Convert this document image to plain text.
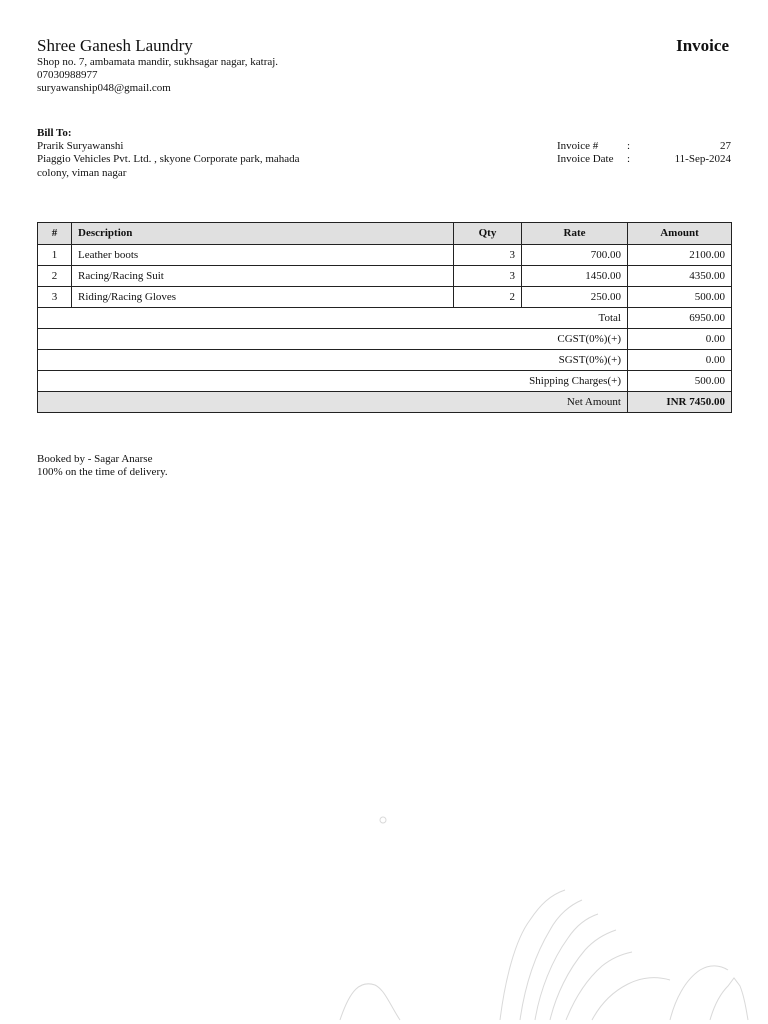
Shree Ganesh Laundry
Shop no. 7, ambamata mandir, sukhsagar nagar, katraj.
07030988977
suryawanship048@gmail.com
Invoice
Bill To:
Prarik Suryawanshi
Piaggio Vehicles Pvt. Ltd. , skyone Corporate park, mahada colony, viman nagar
Invoice #	:	27
Invoice Date :	11-Sep-2024
#	Description	Qty	Rate	Amount
1	Leather boots	3	700.00	2100.00
2	Racing/Racing Suit	3	1450.00	4350.00
3	Riding/Racing Gloves	2	250.00	500.00
Total				6950.00
CGST(0%)(+)				0.00
SGST(0%)(+)				0.00
Shipping Charges(+)				500.00
Net Amount				INR 7450.00
Booked by - Sagar Anarse
100% on the time of delivery.
